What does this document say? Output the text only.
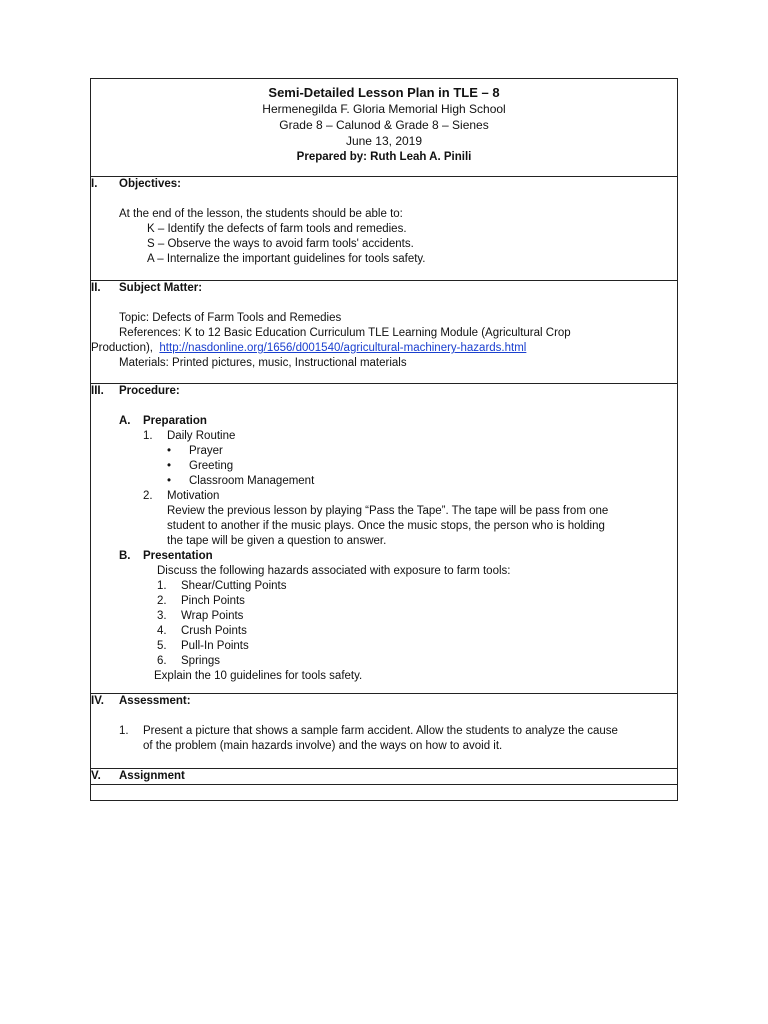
Semi-Detailed Lesson Plan in TLE – 8
Hermenegilda F. Gloria Memorial High School
Grade 8 – Calunod & Grade 8 – Sienes
June 13, 2019
Prepared by: Ruth Leah A. Pinili

I.	Objectives:
At the end of the lesson, the students should be able to:
K – Identify the defects of farm tools and remedies.
S – Observe the ways to avoid farm tools' accidents.
A – Internalize the important guidelines for tools safety.

II.	Subject Matter:
Topic: Defects of Farm Tools and Remedies
References: K to 12 Basic Education Curriculum TLE Learning Module (Agricultural Crop
Production), http://nasdonline.org/1656/d001540/agricultural-machinery-hazards.html
Materials: Printed pictures, music, Instructional materials

III.	Procedure:
A.	Preparation
1.	Daily Routine
•	Prayer
•	Greeting
•	Classroom Management
2.	Motivation
Review the previous lesson by playing “Pass the Tape”. The tape will be pass from one
student to another if the music plays. Once the music stops, the person who is holding
the tape will be given a question to answer.
B.	Presentation
Discuss the following hazards associated with exposure to farm tools:
1.	Shear/Cutting Points
2.	Pinch Points
3.	Wrap Points
4.	Crush Points
5.	Pull-In Points
6.	Springs
Explain the 10 guidelines for tools safety.

IV.	Assessment:
1.	Present a picture that shows a sample farm accident. Allow the students to analyze the cause
of the problem (main hazards involve) and the ways on how to avoid it.

V.	Assignment
